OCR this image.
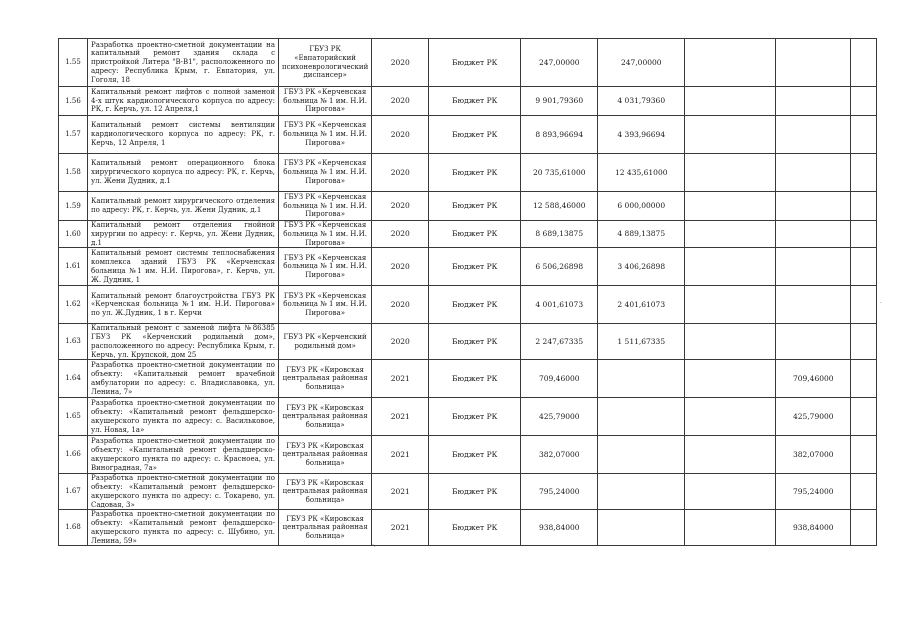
1.55	Разработка проектно-сметной документации на капитальный ремонт здания склада с пристройкой Литера "В-В1", расположенного по адресу: Республика Крым, г. Евпатория, ул. Гоголя, 18	ГБУЗ РК «Евпаторийский психоневрологический диспансер»	2020	Бюджет РК	247,00000	247,00000			
1.56	Капитальный ремонт лифтов с полной заменой 4-х штук кардиологического корпуса по адресу: РК, г. Керчь, ул. 12 Апреля,1	ГБУЗ РК «Керченская больница № 1 им. Н.И. Пирогова»	2020	Бюджет РК	9 901,79360	4 031,79360			
1.57	Капитальный ремонт системы вентиляции кардиологического корпуса по адресу: РК, г. Керчь, 12 Апреля, 1	ГБУЗ РК «Керченская больница № 1 им. Н.И. Пирогова»	2020	Бюджет РК	8 893,96694	4 393,96694			
1.58	Капитальный ремонт операционного блока хирургического корпуса по адресу: РК, г. Керчь, ул. Жени Дудник, д.1	ГБУЗ РК «Керченская больница № 1 им. Н.И. Пирогова»	2020	Бюджет РК	20 735,61000	12 435,61000			
1.59	Капитальный ремонт хирургического отделения по адресу: РК, г. Керчь, ул. Жени Дудник, д.1	ГБУЗ РК «Керченская больница № 1 им. Н.И. Пирогова»	2020	Бюджет РК	12 588,46000	6 000,00000			
1.60	Капитальный ремонт отделения гнойной хирургии по адресу: г. Керчь, ул. Жени Дудник, д.1	ГБУЗ РК «Керченская больница № 1 им. Н.И. Пирогова»	2020	Бюджет РК	8 689,13875	4 889,13875			
1.61	Капитальный ремонт системы теплоснабжения комплекса зданий ГБУЗ РК «Керченская больница №1 им. Н.И. Пирогова», г. Керчь, ул. Ж. Дудник, 1	ГБУЗ РК «Керченская больница № 1 им. Н.И. Пирогова»	2020	Бюджет РК	6 506,26898	3 406,26898			
1.62	Капитальный ремонт благоустройства ГБУЗ РК «Керченская больница №1 им. Н.И. Пирогова» по ул. Ж.Дудник, 1 в г. Керчи	ГБУЗ РК «Керченская больница № 1 им. Н.И. Пирогова»	2020	Бюджет РК	4 001,61073	2 401,61073			
1.63	Капитальный ремонт с заменой лифта №86385 ГБУЗ РК «Керченский родильный дом», расположенного по адресу: Республика Крым, г. Керчь, ул. Крупской, дом 25	ГБУЗ РК «Керченский родильный дом»	2020	Бюджет РК	2 247,67335	1 511,67335			
1.64	Разработка проектно-сметной документации по объекту: «Капитальный ремонт врачебной амбулатории по адресу: с. Владиславовка, ул. Ленина, 7»	ГБУЗ РК «Кировская центральная районная больница»	2021	Бюджет РК	709,46000			709,46000	
1.65	Разработка проектно-сметной документации по объекту: «Капитальный ремонт фельдшерско-акушерского пункта по адресу: с. Васильковое, ул. Новая, 1а»	ГБУЗ РК «Кировская центральная районная больница»	2021	Бюджет РК	425,79000			425,79000	
1.66	Разработка проектно-сметной документации по объекту: «Капитальный ремонт фельдшерско-акушерского пункта по адресу: с. Красноеа, ул. Виноградная, 7а»	ГБУЗ РК «Кировская центральная районная больница»	2021	Бюджет РК	382,07000			382,07000	
1.67	Разработка проектно-сметной документации по объекту: «Капитальный ремонт фельдшерско-акушерского пункта по адресу: с. Токарево, ул. Садовая, 3»	ГБУЗ РК «Кировская центральная районная больница»	2021	Бюджет РК	795,24000			795,24000	
1.68	Разработка проектно-сметной документации по объекту: «Капитальный ремонт фельдшерско-акушерского пункта по адресу: с. Шубино, ул. Ленина, 59»	ГБУЗ РК «Кировская центральная районная больница»	2021	Бюджет РК	938,84000			938,84000	
·.
·
